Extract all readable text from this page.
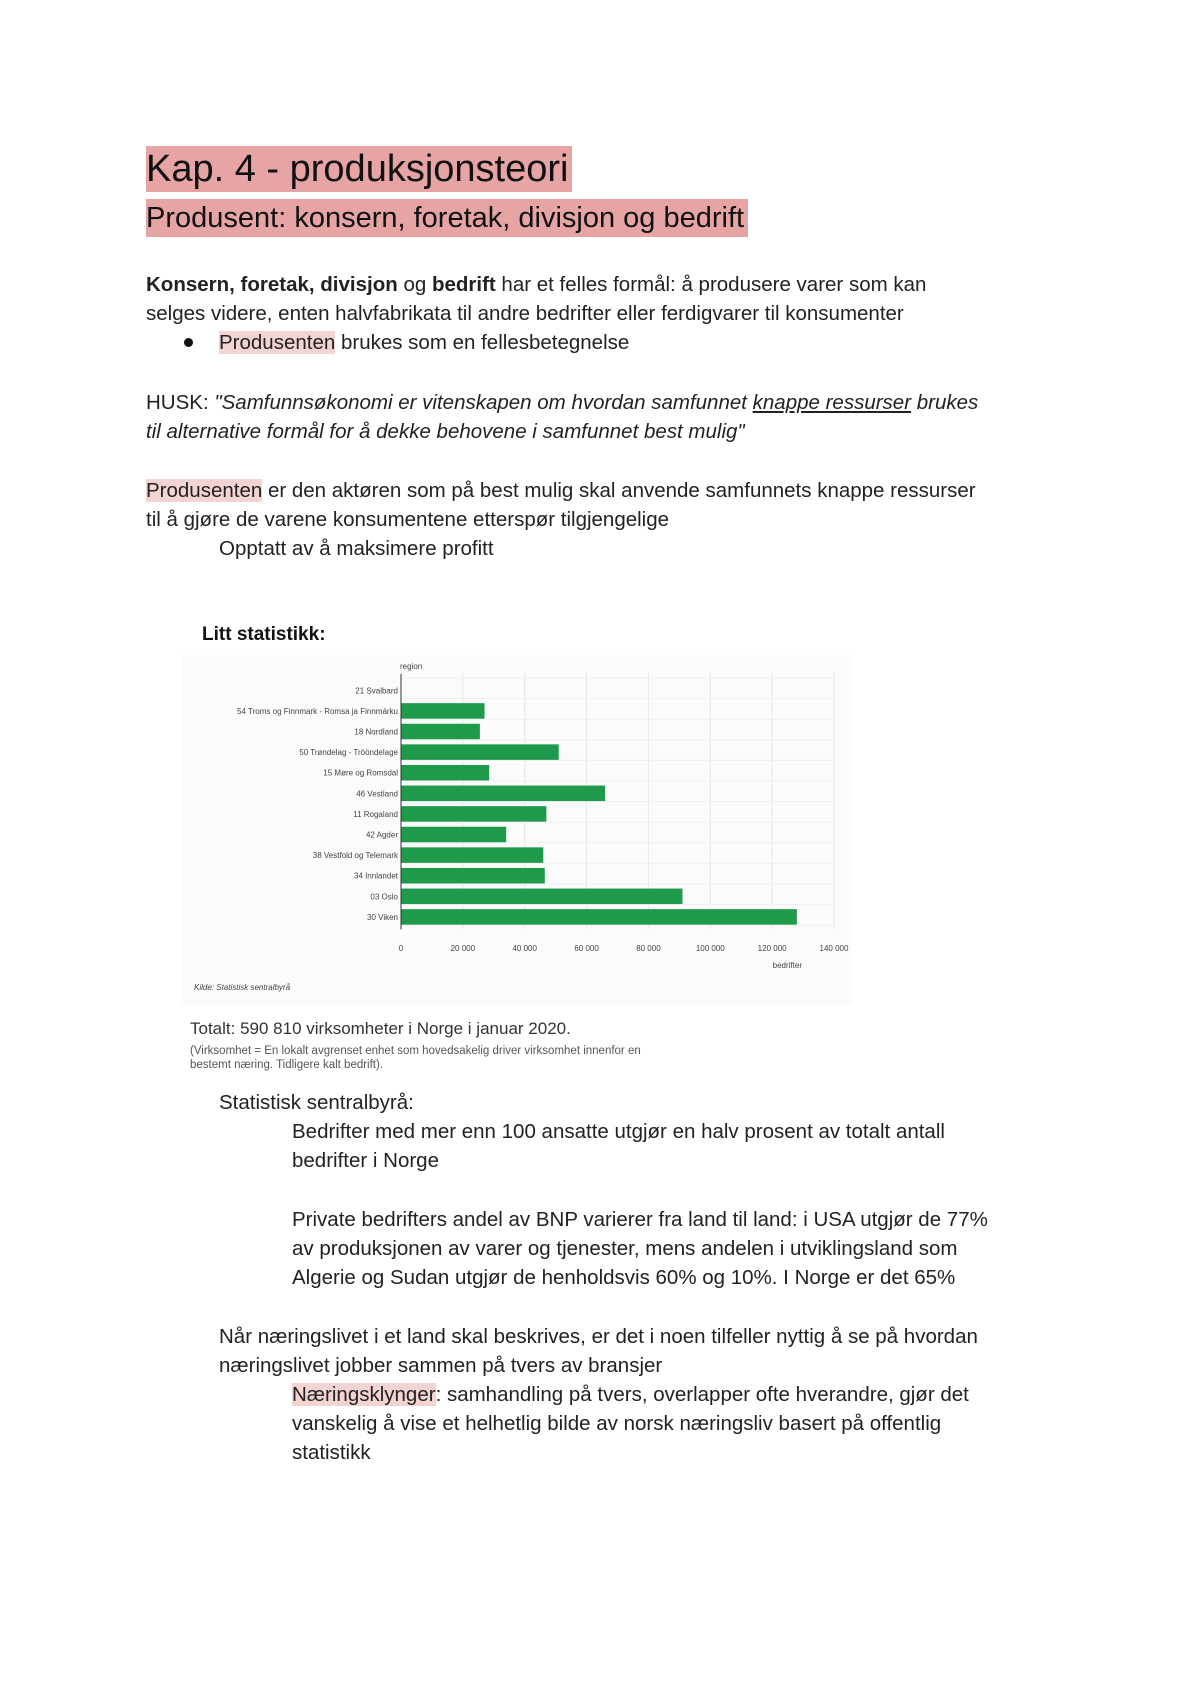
Kap. 4 - produksjonsteori
Produsent: konsern, foretak, divisjon og bedrift
Konsern, foretak, divisjon og bedrift har et felles formål: å produsere varer som kan
selges videre, enten halvfabrikata til andre bedrifter eller ferdigvarer til konsumenter
Produsenten brukes som en fellesbetegnelse
HUSK: "Samfunnsøkonomi er vitenskapen om hvordan samfunnet knappe ressurser brukes
til alternative formål for å dekke behovene i samfunnet best mulig"
Produsenten er den aktøren som på best mulig skal anvende samfunnets knappe ressurser
til å gjøre de varene konsumentene etterspør tilgjengelige
Opptatt av å maksimere profitt
Litt statistikk:
region
bedrifter
Kilde: Statistisk sentralbyrå
0	20 000	40 000	60 000	80 000	100 000	120 000	140 000
21 Svalbard
54 Troms og Finnmark - Romsa ja Finnmárku
18 Nordland
50 Trøndelag - Trööndelage
15 Møre og Romsdal
46 Vestland
11 Rogaland
42 Agder
38 Vestfold og Telemark
34 Innlandet
03 Oslo
30 Viken
Totalt: 590 810 virksomheter i Norge i januar 2020.
(Virksomhet = En lokalt avgrenset enhet som hovedsakelig driver virksomhet innenfor en
bestemt næring. Tidligere kalt bedrift).
Statistisk sentralbyrå:
Bedrifter med mer enn 100 ansatte utgjør en halv prosent av totalt antall
bedrifter i Norge
Private bedrifters andel av BNP varierer fra land til land: i USA utgjør de 77%
av produksjonen av varer og tjenester, mens andelen i utviklingsland som
Algerie og Sudan utgjør de henholdsvis 60% og 10%. I Norge er det 65%
Når næringslivet i et land skal beskrives, er det i noen tilfeller nyttig å se på hvordan
næringslivet jobber sammen på tvers av bransjer
Næringsklynger: samhandling på tvers, overlapper ofte hverandre, gjør det
vanskelig å vise et helhetlig bilde av norsk næringsliv basert på offentlig
statistikk
